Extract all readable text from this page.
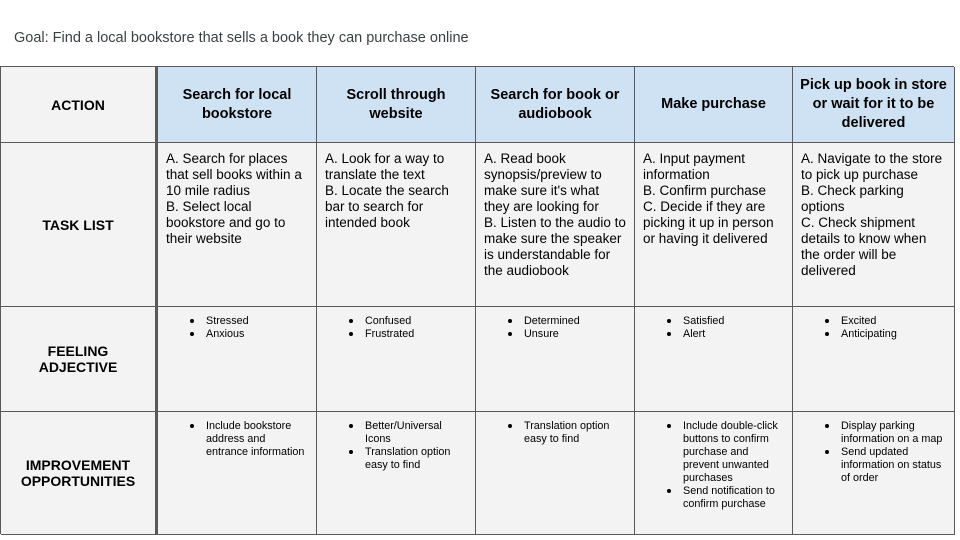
Goal: Find a local bookstore that sells a book they can purchase online
ACTION
Search for local bookstore
Scroll through website
Search for book or audiobook
Make purchase
Pick up book in store or wait for it to be delivered
TASK LIST
A. Search for places that sell books within a 10 mile radius
B. Select local bookstore and go to their website
A. Look for a way to translate the text
B. Locate the search bar to search for intended book
A. Read book synopsis/preview to make sure it's what they are looking for
B. Listen to the audio to make sure the speaker is understandable for the audiobook
A. Input payment information
B. Confirm purchase
C. Decide if they are picking it up in person or having it delivered
A. Navigate to the store to pick up purchase
B. Check parking options
C. Check shipment details to know when the order will be delivered
FEELING ADJECTIVE
Stressed
Anxious
Confused
Frustrated
Determined
Unsure
Satisfied
Alert
Excited
Anticipating
IMPROVEMENT OPPORTUNITIES
Include bookstore address and entrance information
Better/Universal Icons
Translation option easy to find
Translation option easy to find
Include double-click buttons to confirm purchase and prevent unwanted purchases
Send notification to confirm purchase
Display parking information on a map
Send updated information on status of order
